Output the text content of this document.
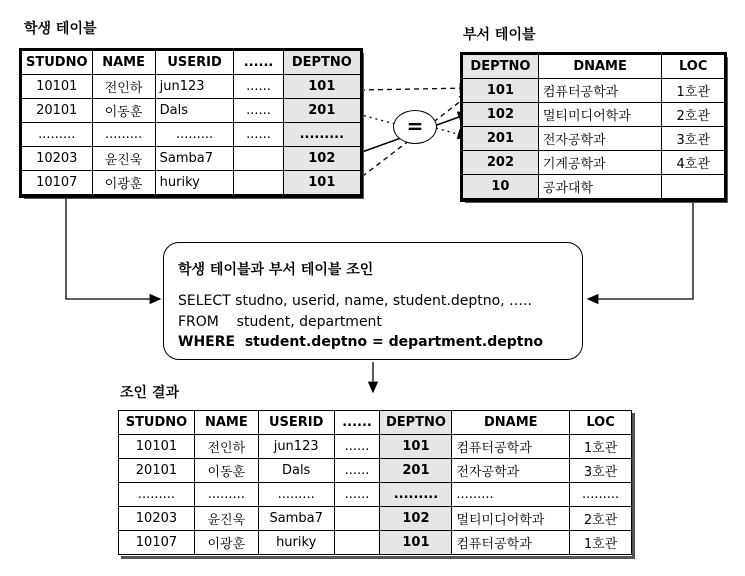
학생 테이블
STUDNO	NAME	USERID	......	DEPTNO
10101	전인하	jun123	......	101
20101	이동훈	Dals	......	201
.........	.........	.........	......	.........
10203	윤진욱	Samba7		102
10107	이광훈	huriky		101
=
부서 테이블
DEPTNO	DNAME	LOC
101	컴퓨터공학과	1호관
102	멀티미디어학과	2호관
201	전자공학과	3호관
202	기계공학과	4호관
10	공과대학	
학생 테이블과 부서 테이블 조인
SELECT studno, userid, name, student.deptno, …..
FROM    student, department
WHERE  student.deptno = department.deptno
조인 결과
STUDNO	NAME	USERID	......	DEPTNO	DNAME	LOC
10101	전인하	jun123	......	101	컴퓨터공학과	1호관
20101	이동훈	Dals	......	201	전자공학과	3호관
.........	.........	.........	......	.........	.........	.........
10203	윤진욱	Samba7		102	멀티미디어학과	2호관
10107	이광훈	huriky		101	컴퓨터공학과	1호관
